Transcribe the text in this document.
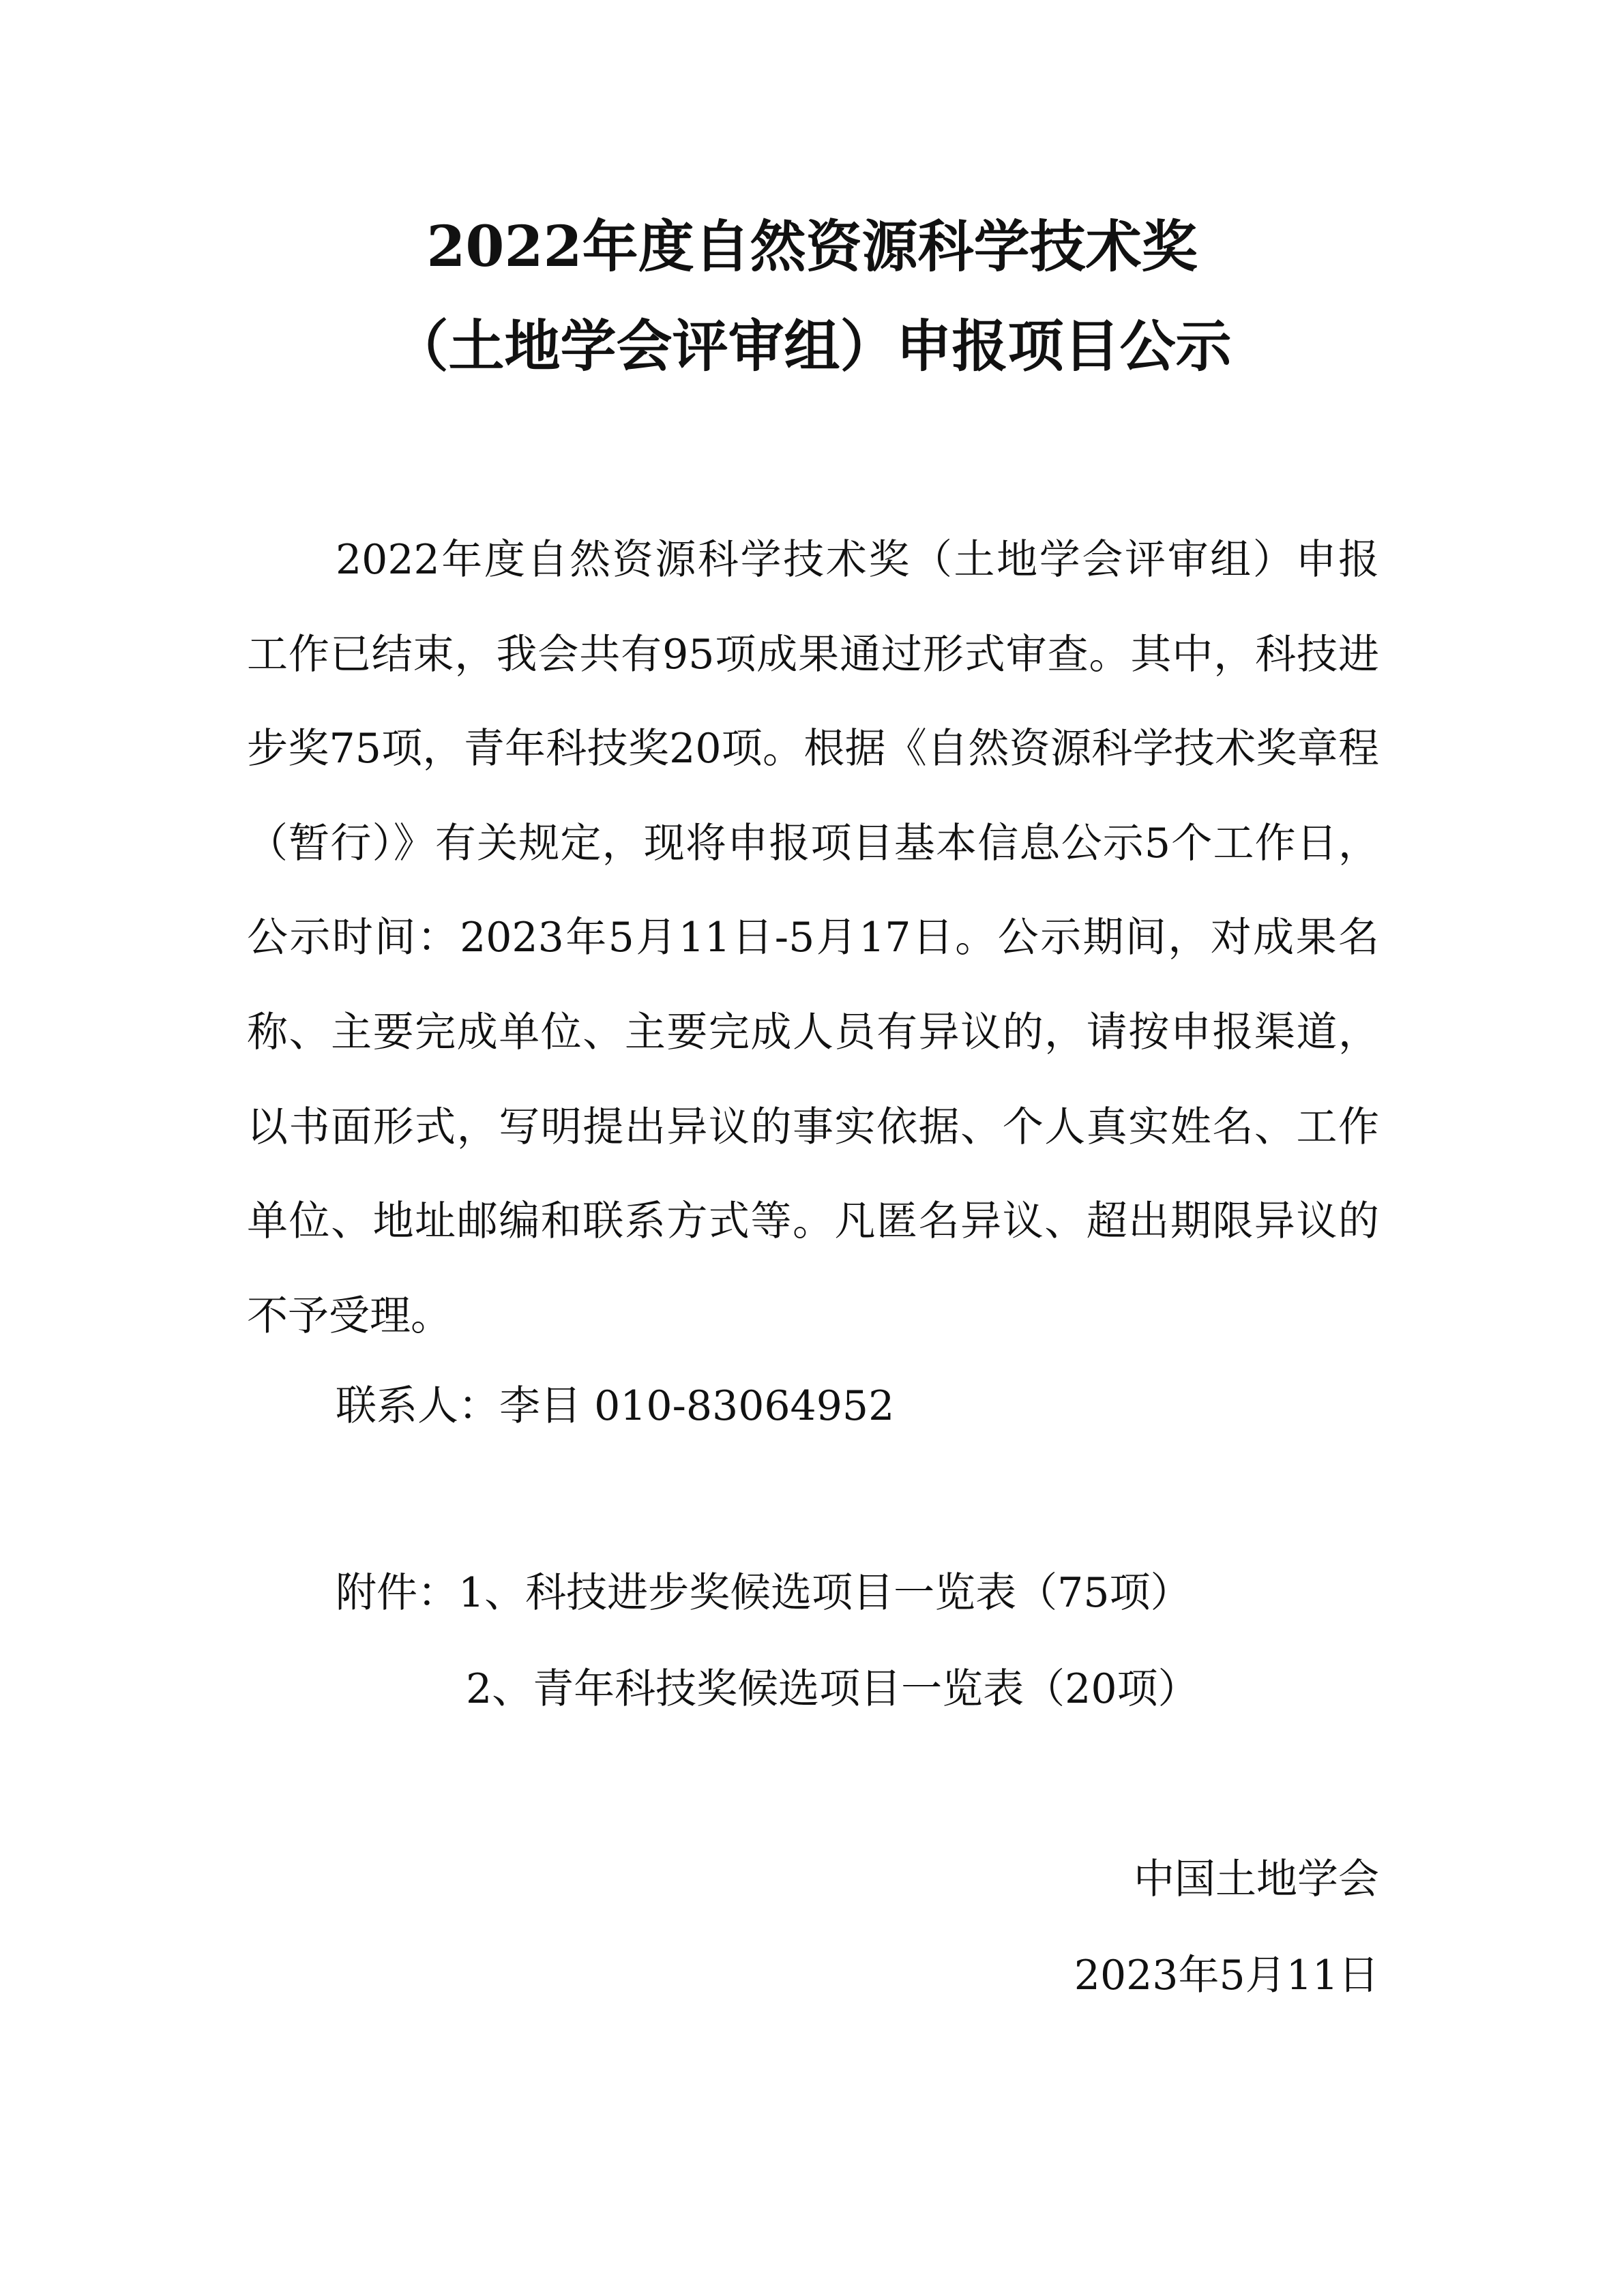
2022年度自然资源科学技术奖
（土地学会评审组）申报项目公示

2022年度自然资源科学技术奖（土地学会评审组）申报工作已结束，我会共有95项成果通过形式审查。其中，科技进步奖75项，青年科技奖20项。根据《自然资源科学技术奖章程（暂行）》有关规定，现将申报项目基本信息公示5个工作日，公示时间：2023年5月11日-5月17日。公示期间，对成果名称、主要完成单位、主要完成人员有异议的，请按申报渠道，以书面形式，写明提出异议的事实依据、个人真实姓名、工作单位、地址邮编和联系方式等。凡匿名异议、超出期限异议的不予受理。

联系人：李目 010-83064952
附件：1、科技进步奖候选项目一览表（75项）
2、青年科技奖候选项目一览表（20项）
中国土地学会
2023年5月11日
